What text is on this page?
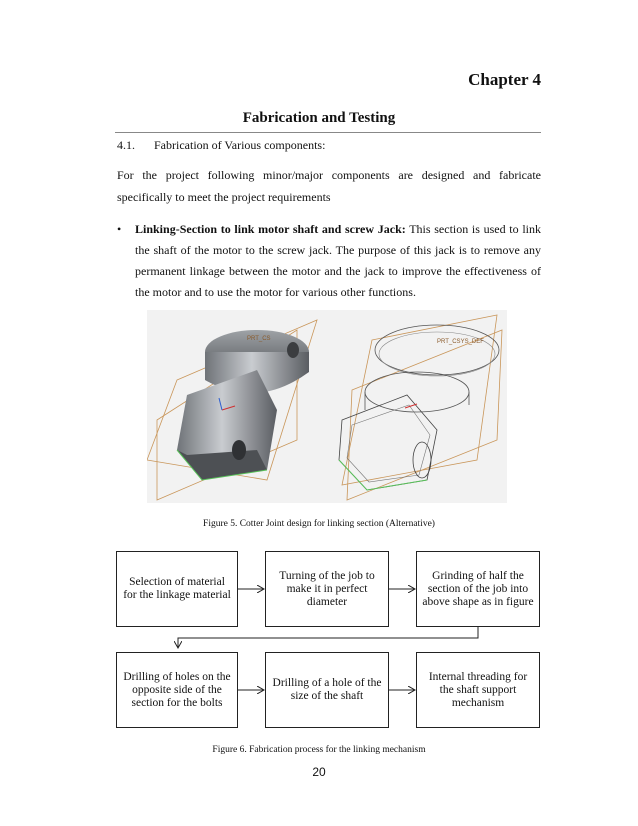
Chapter 4
Fabrication and Testing
4.1. Fabrication of Various components:
For the project following minor/major components are designed and fabricate specifically to meet the project requirements
• Linking-Section to link motor shaft and screw Jack: This section is used to link the shaft of the motor to the screw jack. The purpose of this jack is to remove any permanent linkage between the motor and the jack to improve the effectiveness of the motor and to use the motor for various other functions.
PRT_CS	PRT_CSYS_DEF
Figure 5. Cotter Joint design for linking section (Alternative)
Selection of material for the linkage material
Turning of the job to make it in perfect diameter
Grinding of half the section of the job into above shape as in figure
Drilling of holes on the opposite side of the section for the bolts
Drilling of a hole of the size of the shaft
Internal threading for the shaft support mechanism
Figure 6. Fabrication process for the linking mechanism
20
